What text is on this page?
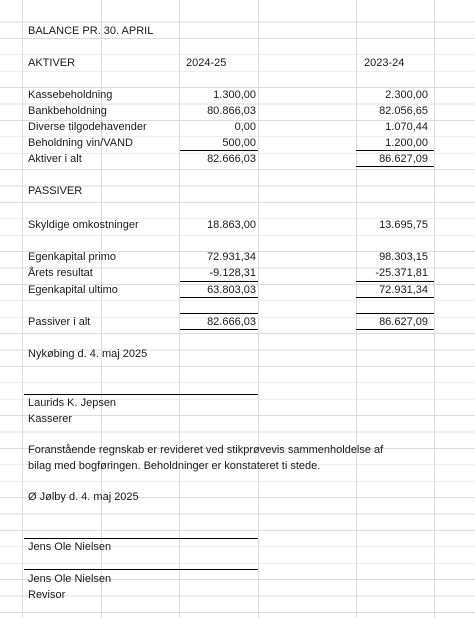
BALANCE PR. 30. APRIL
AKTIVER	2024-25	2023-24
Kassebeholdning	1.300,00	2.300,00
Bankbeholdning	80.866,03	82.056,65
Diverse tilgodehavender	0,00	1.070,44
Beholdning vin/VAND	500,00	1.200,00
Aktiver i alt	82.666,03	86.627,09
PASSIVER
Skyldige omkostninger	18.863,00	13.695,75
Egenkapital primo	72.931,34	98.303,15
Årets resultat	-9.128,31	-25.371,81
Egenkapital ultimo	63.803,03	72.931,34
Passiver i alt	82.666,03	86.627,09
Nykøbing d. 4. maj 2025
Laurids K. Jepsen
Kasserer
Foranstående regnskab er revideret ved stikprøvevis sammenholdelse af
bilag med bogføringen. Beholdninger er konstateret ti stede.
Ø Jølby d. 4. maj 2025
Jens Ole Nielsen
Jens Ole Nielsen
Revisor
